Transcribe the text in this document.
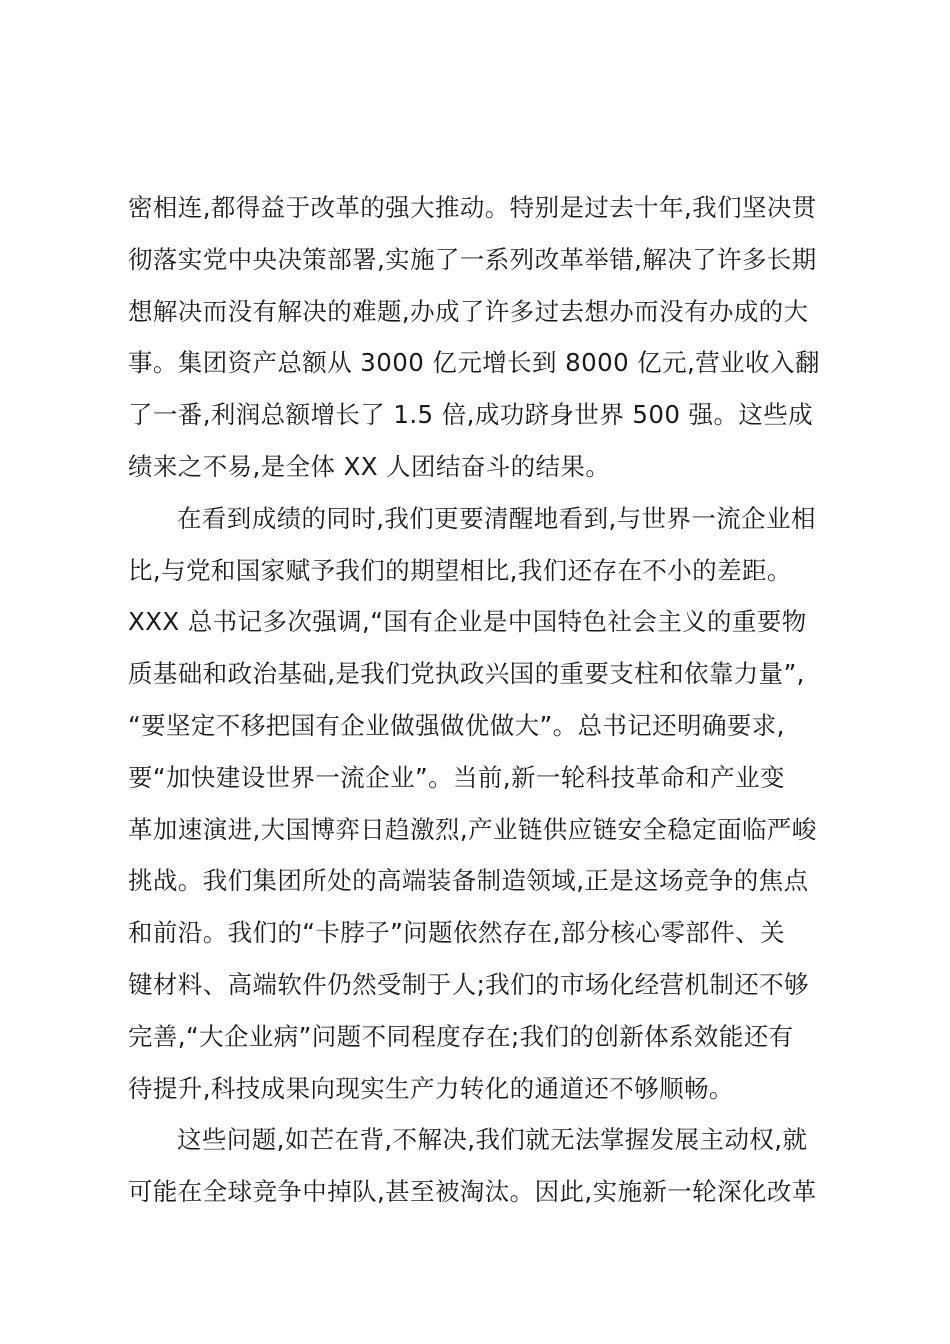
密相连,都得益于改革的强大推动。特别是过去十年,我们坚决贯
彻落实党中央决策部署,实施了一系列改革举错,解决了许多长期
想解决而没有解决的难题,办成了许多过去想办而没有办成的大
事。集团资产总额从 3000 亿元增长到 8000 亿元,营业收入翻
了一番,利润总额增长了 1.5 倍,成功跻身世界 500 强。这些成
绩来之不易,是全体 XX 人团结奋斗的结果。
在看到成绩的同时,我们更要清醒地看到,与世界一流企业相
比,与党和国家赋予我们的期望相比,我们还存在不小的差距。
XXX 总书记多次强调,“国有企业是中国特色社会主义的重要物
质基础和政治基础,是我们党执政兴国的重要支柱和依靠力量”,
“要坚定不移把国有企业做强做优做大”。总书记还明确要求,
要“加快建设世界一流企业”。当前,新一轮科技革命和产业变
革加速演进,大国博弈日趋激烈,产业链供应链安全稳定面临严峻
挑战。我们集团所处的高端装备制造领域,正是这场竞争的焦点
和前沿。我们的“卡脖子”问题依然存在,部分核心零部件、关
键材料、高端软件仍然受制于人;我们的市场化经营机制还不够
完善,“大企业病”问题不同程度存在;我们的创新体系效能还有
待提升,科技成果向现实生产力转化的通道还不够顺畅。
这些问题,如芒在背,不解决,我们就无法掌握发展主动权,就
可能在全球竞争中掉队,甚至被淘汰。因此,实施新一轮深化改革
